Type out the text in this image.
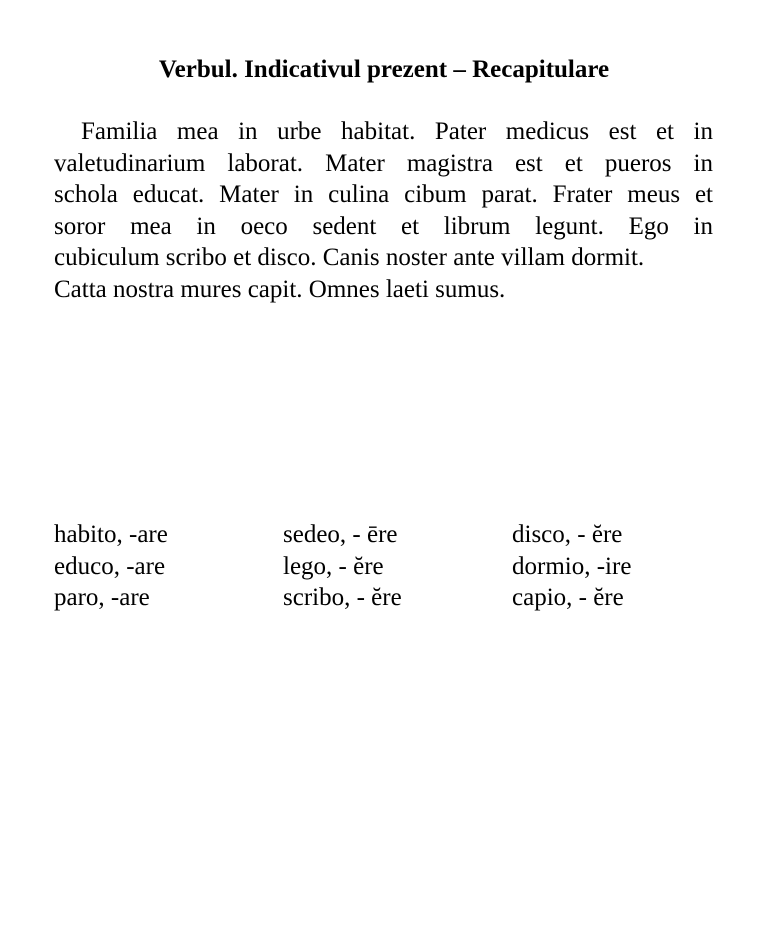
Verbul. Indicativul prezent – Recapitulare
Familia mea in urbe habitat. Pater medicus est et in
valetudinarium laborat. Mater magistra est et pueros in
schola educat. Mater in culina cibum parat. Frater meus et
soror mea in oeco sedent et librum legunt. Ego in
cubiculum scribo et disco. Canis noster ante villam dormit.
Catta nostra mures capit. Omnes laeti sumus.
habito, -are
educo, -are
paro, -are
sedeo, - ēre
lego, - ĕre
scribo, - ĕre
disco, - ĕre
dormio, -ire
capio, - ĕre
